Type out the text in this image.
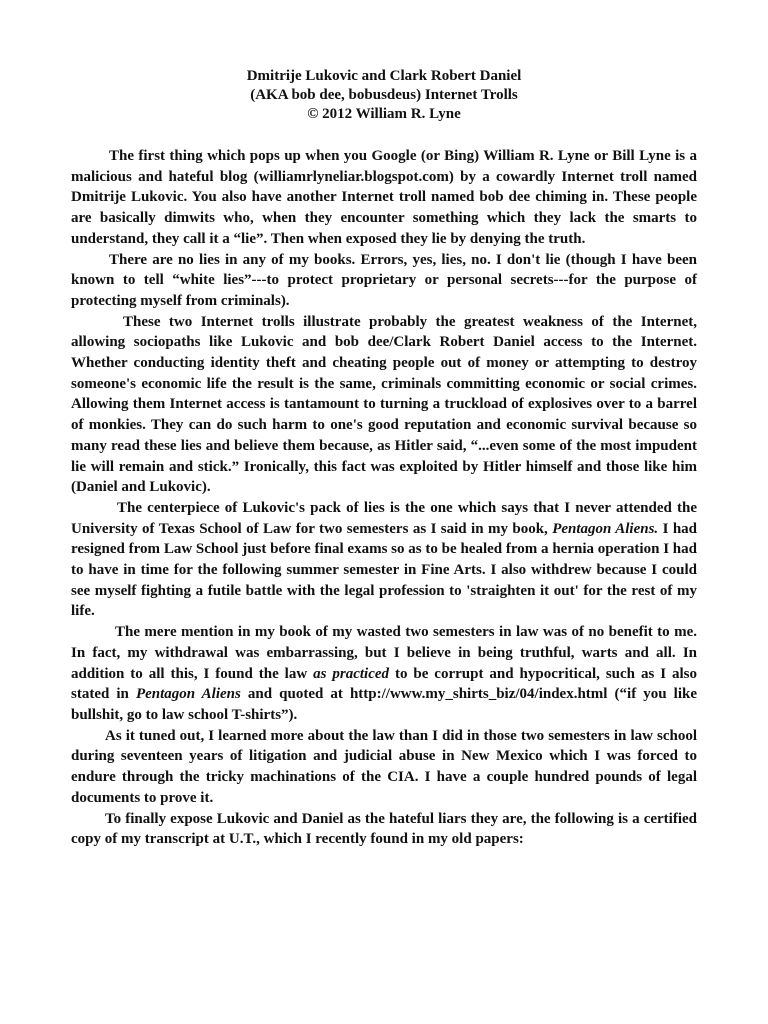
Dmitrije Lukovic and Clark Robert Daniel
(AKA bob dee, bobusdeus) Internet Trolls
© 2012 William R. Lyne

The first thing which pops up when you Google (or Bing) William R. Lyne or Bill Lyne is a malicious and hateful blog (williamrlyneliar.blogspot.com) by a cowardly Internet troll named Dmitrije Lukovic. You also have another Internet troll named bob dee chiming in. These people are basically dimwits who, when they encounter something which they lack the smarts to understand, they call it a “lie”. Then when exposed they lie by denying the truth.

There are no lies in any of my books. Errors, yes, lies, no. I don't lie (though I have been known to tell “white lies”---to protect proprietary or personal secrets---for the purpose of protecting myself from criminals).

These two Internet trolls illustrate probably the greatest weakness of the Internet, allowing sociopaths like Lukovic and bob dee/Clark Robert Daniel access to the Internet. Whether conducting identity theft and cheating people out of money or attempting to destroy someone's economic life the result is the same, criminals committing economic or social crimes. Allowing them Internet access is tantamount to turning a truckload of explosives over to a barrel of monkies. They can do such harm to one's good reputation and economic survival because so many read these lies and believe them because, as Hitler said, “...even some of the most impudent lie will remain and stick.” Ironically, this fact was exploited by Hitler himself and those like him (Daniel and Lukovic).

The centerpiece of Lukovic's pack of lies is the one which says that I never attended the University of Texas School of Law for two semesters as I said in my book, Pentagon Aliens. I had resigned from Law School just before final exams so as to be healed from a hernia operation I had to have in time for the following summer semester in Fine Arts. I also withdrew because I could see myself fighting a futile battle with the legal profession to 'straighten it out' for the rest of my life.

The mere mention in my book of my wasted two semesters in law was of no benefit to me. In fact, my withdrawal was embarrassing, but I believe in being truthful, warts and all. In addition to all this, I found the law as practiced to be corrupt and hypocritical, such as I also stated in Pentagon Aliens and quoted at http://www.my_shirts_biz/04/index.html (“if you like bullshit, go to law school T-shirts”).

As it tuned out, I learned more about the law than I did in those two semesters in law school during seventeen years of litigation and judicial abuse in New Mexico which I was forced to endure through the tricky machinations of the CIA. I have a couple hundred pounds of legal documents to prove it.

To finally expose Lukovic and Daniel as the hateful liars they are, the following is a certified copy of my transcript at U.T., which I recently found in my old papers:
